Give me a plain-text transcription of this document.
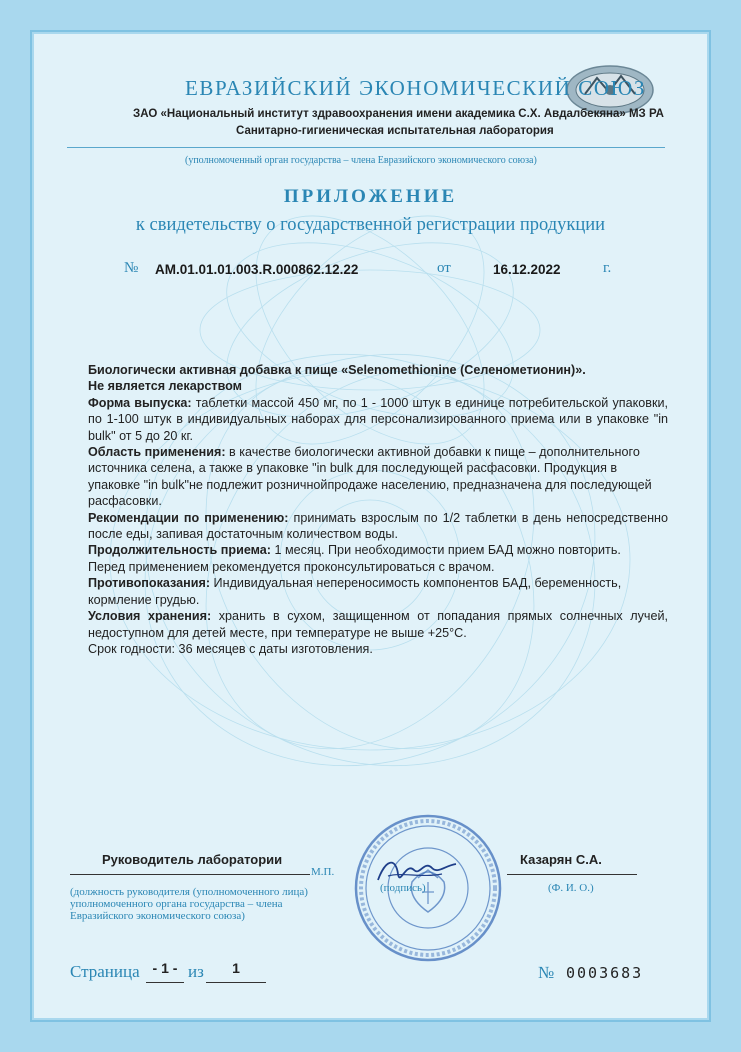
ЕВРАЗИЙСКИЙ ЭКОНОМИЧЕСКИЙ СОЮЗ
ЗАО «Национальный институт здравоохранения имени академика С.Х. Авдалбекяна» МЗ РА
Санитарно-гигиеническая испытательная лаборатория
(уполномоченный орган государства – члена Евразийского экономического союза)
ПРИЛОЖЕНИЕ
к свидетельству о государственной регистрации продукции
№ AM.01.01.01.003.R.000862.12.22	от	16.12.2022	г.

Биологически активная добавка к пище «Selenomethionine (Селенометионин)».

Не является лекарством

Форма выпуска: таблетки массой 450 мг, по 1 - 1000 штук в единице потребительской упаковки, по 1-100 штук в индивидуальных наборах для персонализированного приема или в упаковке "in bulk" от 5 до 20 кг.

Область применения: в качестве биологически активной добавки к пище – дополнительного источника селена, а также в упаковке "in bulk для последующей расфасовки. Продукция в упаковке "in bulk"не подлежит розничнойпродаже населению, предназначена для последующей расфасовки.

Рекомендации по применению: принимать взрослым по 1/2 таблетки в день непосредственно после еды, запивая достаточным количеством воды.

Продолжительность приема: 1 месяц. При необходимости прием БАД можно повторить.

Перед применением рекомендуется проконсультироваться с врачом.

Противопоказания: Индивидуальная непереносимость компонентов БАД, беременность, кормление грудью.

Условия хранения: хранить в сухом, защищенном от попадания прямых солнечных лучей, недоступном для детей месте, при температуре не выше +25°С.

Срок годности: 36 месяцев с даты изготовления.

Руководитель лаборатории
М.П.
Казарян С.А.
(должность руководителя (уполномоченного лица) уполномоченного органа государства – члена Евразийского экономического союза)
(подпись)	(Ф. И. О.)
Страница - 1 - из	1	№ 0003683
